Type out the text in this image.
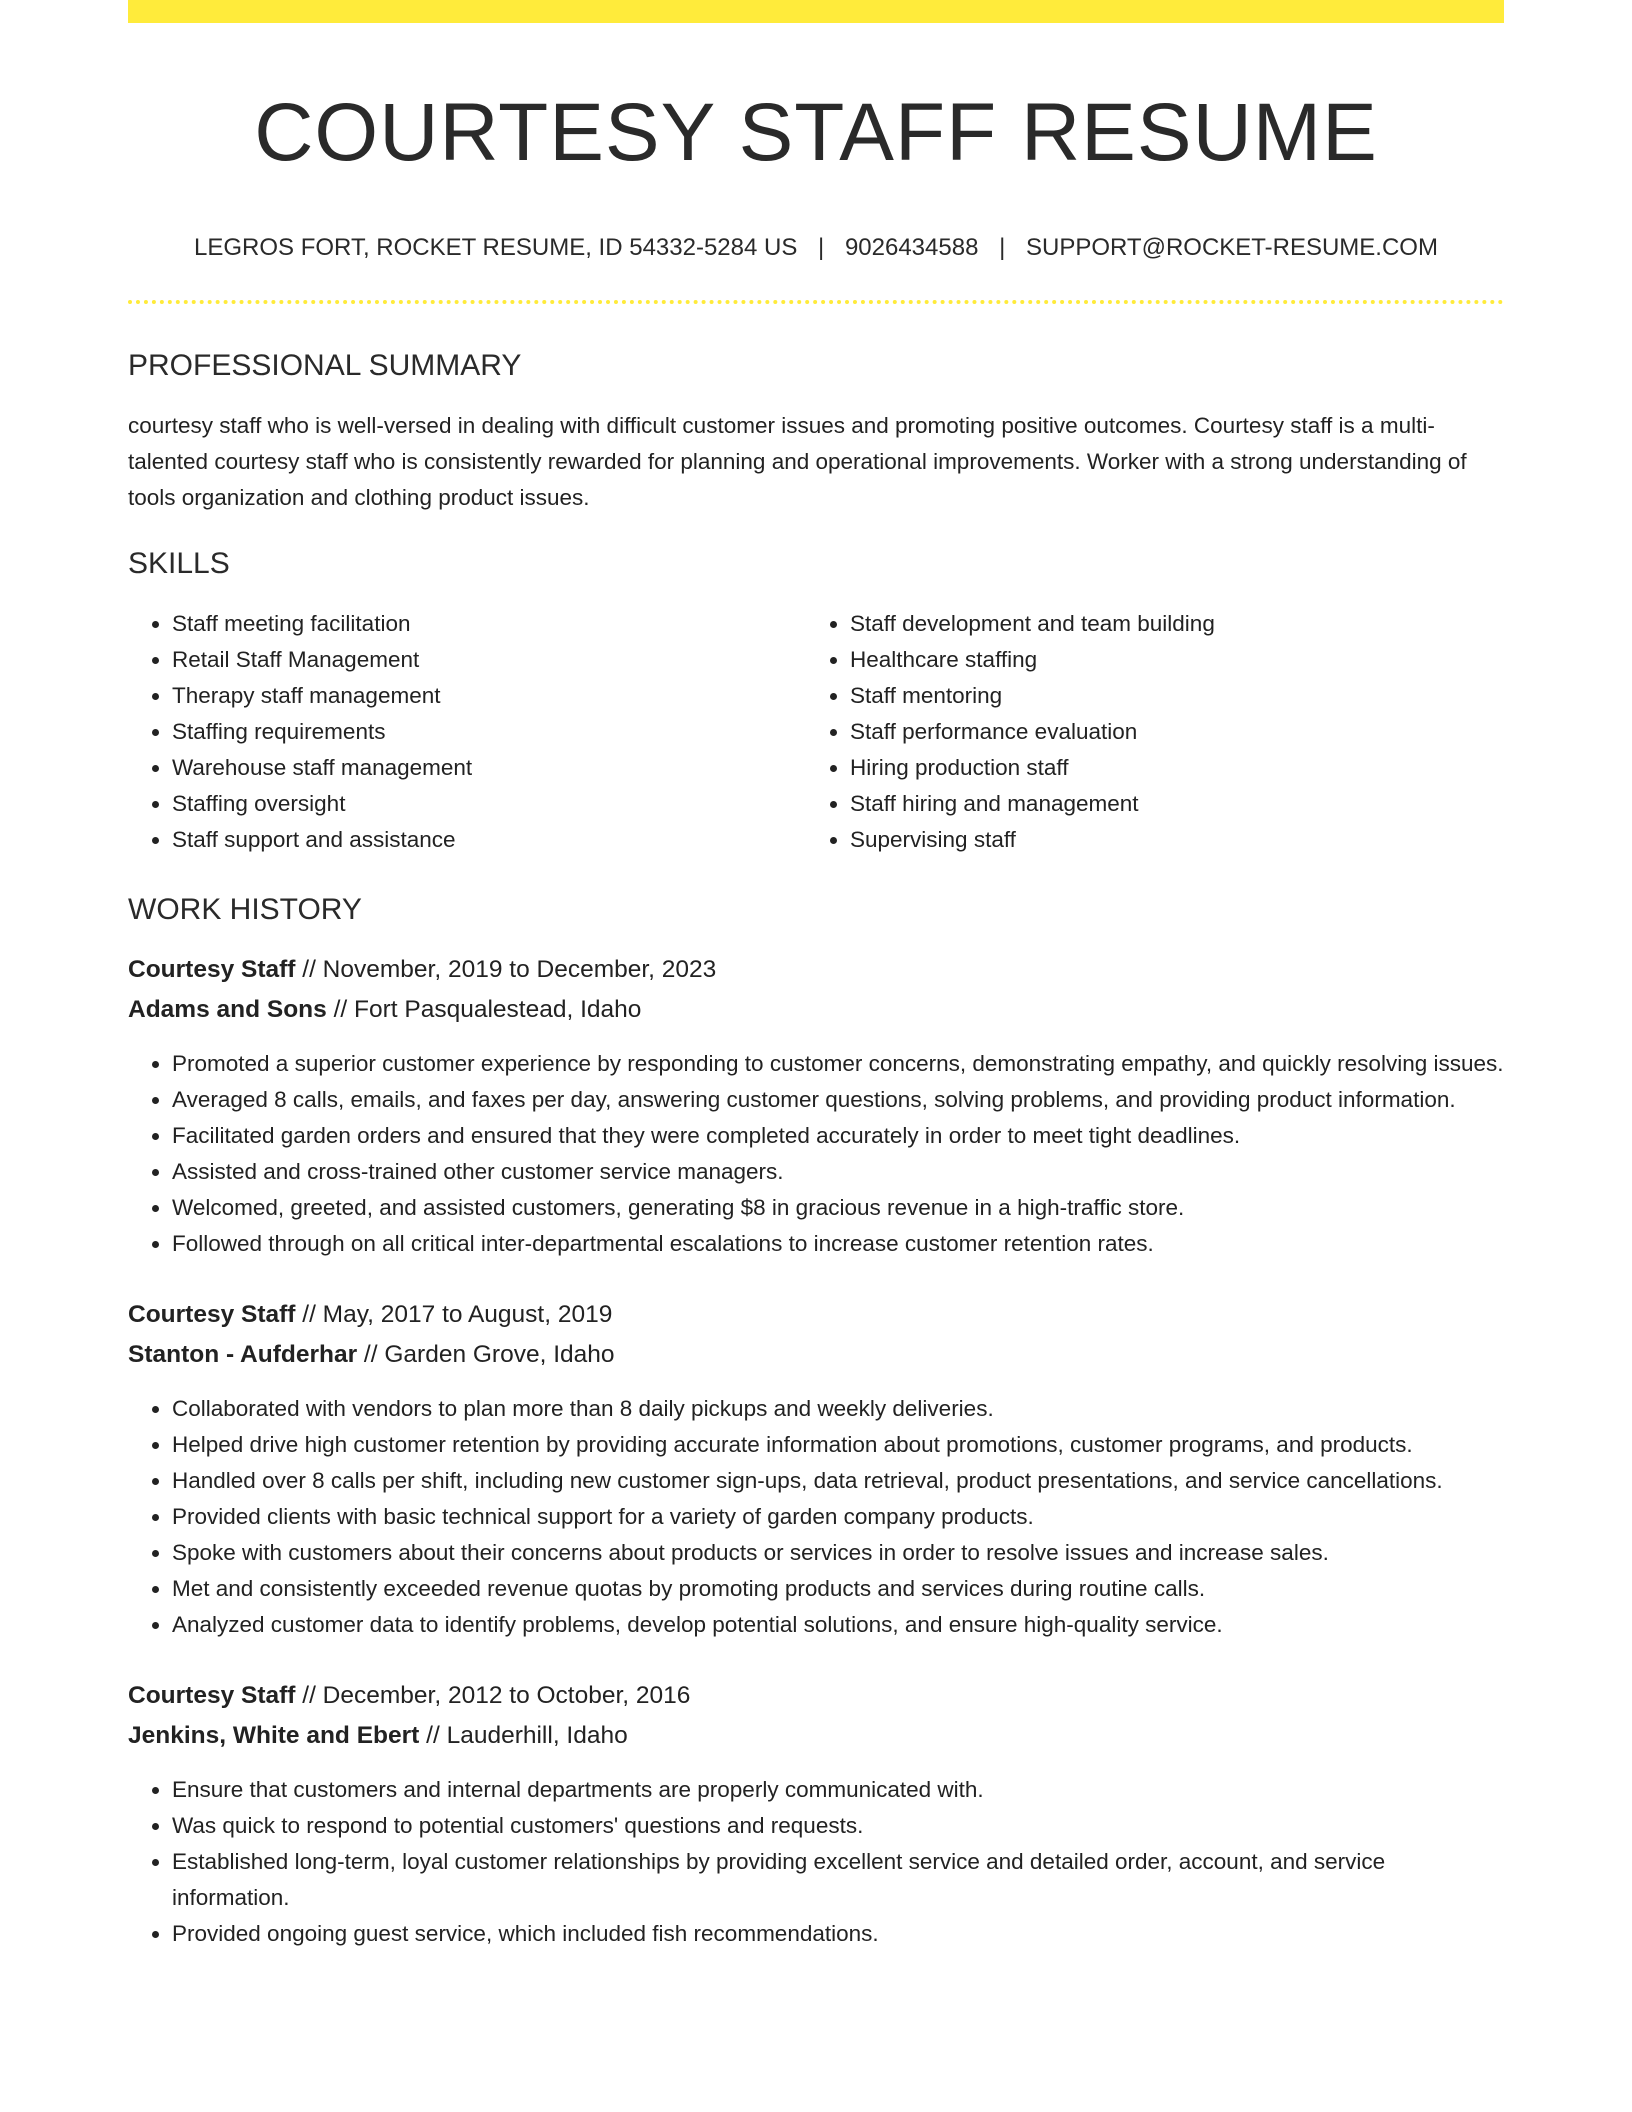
COURTESY STAFF RESUME
LEGROS FORT, ROCKET RESUME, ID 54332-5284 US | 9026434588 | SUPPORT@ROCKET-RESUME.COM
PROFESSIONAL SUMMARY

courtesy staff who is well-versed in dealing with difficult customer issues and promoting positive outcomes. Courtesy staff is a multi-talented courtesy staff who is consistently rewarded for planning and operational improvements. Worker with a strong understanding of tools organization and clothing product issues.

SKILLS
• Staff meeting facilitation
• Retail Staff Management
• Therapy staff management
• Staffing requirements
• Warehouse staff management
• Staffing oversight
• Staff support and assistance
• Staff development and team building
• Healthcare staffing
• Staff mentoring
• Staff performance evaluation
• Hiring production staff
• Staff hiring and management
• Supervising staff
WORK HISTORY
Courtesy Staff // November, 2019 to December, 2023
Adams and Sons // Fort Pasqualestead, Idaho
• Promoted a superior customer experience by responding to customer concerns, demonstrating empathy, and quickly resolving issues.
• Averaged 8 calls, emails, and faxes per day, answering customer questions, solving problems, and providing product information.
• Facilitated garden orders and ensured that they were completed accurately in order to meet tight deadlines.
• Assisted and cross-trained other customer service managers.
• Welcomed, greeted, and assisted customers, generating $8 in gracious revenue in a high-traffic store.
• Followed through on all critical inter-departmental escalations to increase customer retention rates.
Courtesy Staff // May, 2017 to August, 2019
Stanton - Aufderhar // Garden Grove, Idaho
• Collaborated with vendors to plan more than 8 daily pickups and weekly deliveries.
• Helped drive high customer retention by providing accurate information about promotions, customer programs, and products.
• Handled over 8 calls per shift, including new customer sign-ups, data retrieval, product presentations, and service cancellations.
• Provided clients with basic technical support for a variety of garden company products.
• Spoke with customers about their concerns about products or services in order to resolve issues and increase sales.
• Met and consistently exceeded revenue quotas by promoting products and services during routine calls.
• Analyzed customer data to identify problems, develop potential solutions, and ensure high-quality service.
Courtesy Staff // December, 2012 to October, 2016
Jenkins, White and Ebert // Lauderhill, Idaho
• Ensure that customers and internal departments are properly communicated with.
• Was quick to respond to potential customers' questions and requests.
• Established long-term, loyal customer relationships by providing excellent service and detailed order, account, and service information.
• Provided ongoing guest service, which included fish recommendations.
